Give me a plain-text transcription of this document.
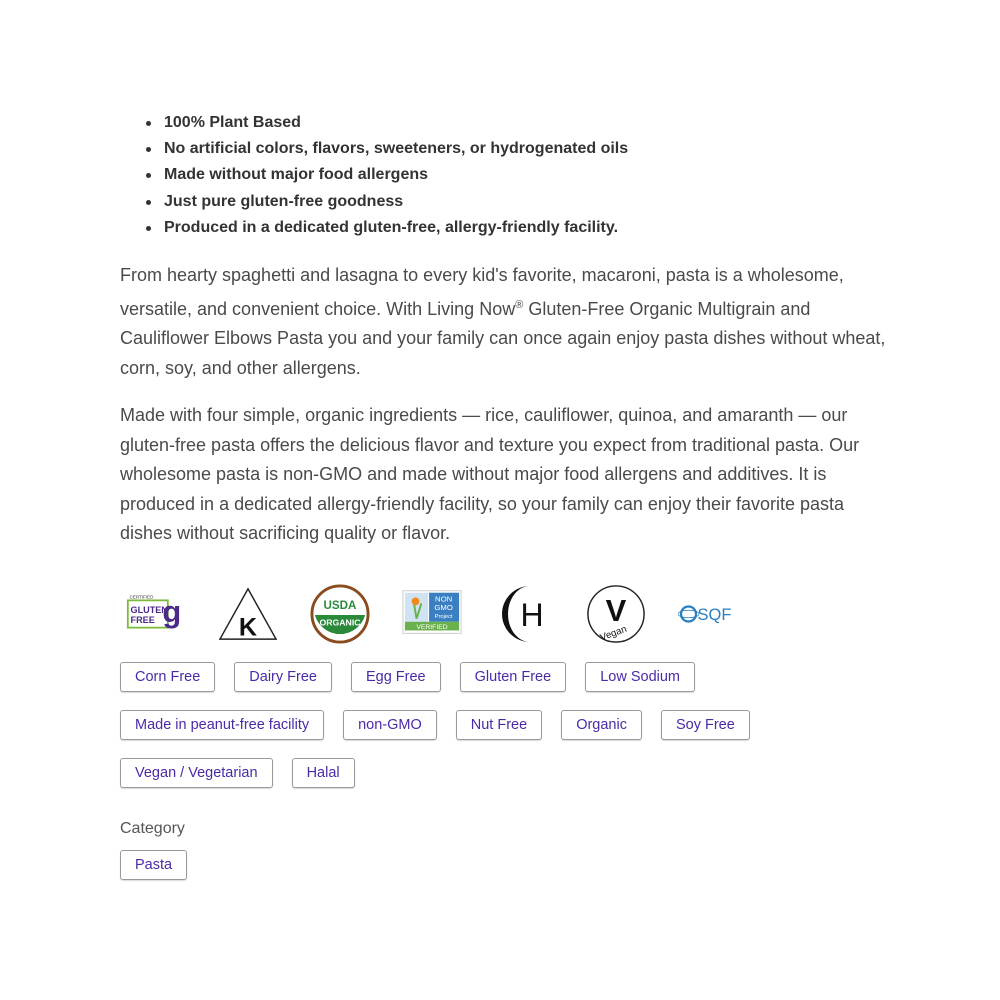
100% Plant Based
No artificial colors, flavors, sweeteners, or hydrogenated oils
Made without major food allergens
Just pure gluten-free goodness
Produced in a dedicated gluten-free, allergy-friendly facility.

From hearty spaghetti and lasagna to every kid's favorite, macaroni, pasta is a wholesome, versatile, and convenient choice. With Living Now® Gluten-Free Organic Multigrain and Cauliflower Elbows Pasta you and your family can once again enjoy pasta dishes without wheat, corn, soy, and other allergens.

Made with four simple, organic ingredients — rice, cauliflower, quinoa, and amaranth — our gluten-free pasta offers the delicious flavor and texture you expect from traditional pasta. Our wholesome pasta is non-GMO and made without major food allergens and additives. It is produced in a dedicated allergy-friendly facility, so your family can enjoy their favorite pasta dishes without sacrificing quality or flavor.

CERTIFIED
GLUTEN
FREE g K
USDA
ORGANIC
NON
GMO
Project
VERIFIED H V
Vegan
SQF
Corn Free	Dairy Free	Egg Free	Gluten Free	Low Sodium
Made in peanut-free facility	non-GMO	Nut Free	Organic	Soy Free
Vegan / Vegetarian	Halal
Category
Pasta
